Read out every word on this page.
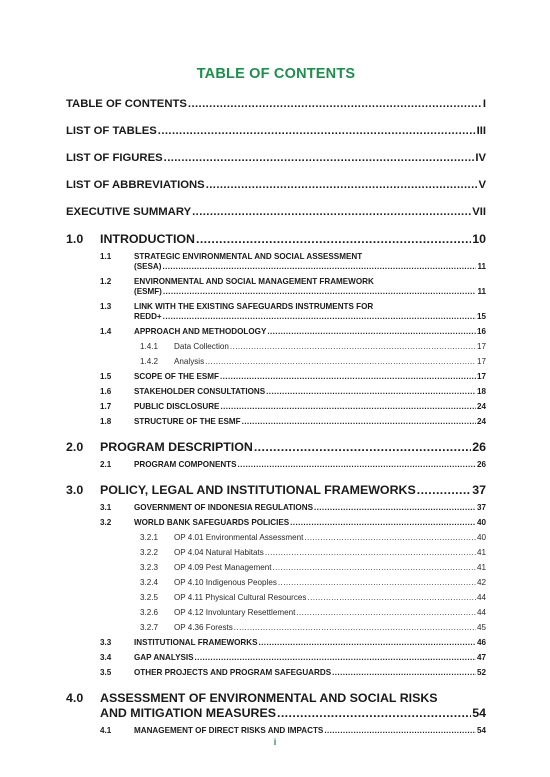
TABLE OF CONTENTS
TABLE OF CONTENTS .....	I
LIST OF TABLES .....	III
LIST OF FIGURES .....	IV
LIST OF ABBREVIATIONS .....	V
EXECUTIVE SUMMARY .....	VII
1.0	INTRODUCTION .....	10
1.1	STRATEGIC ENVIRONMENTAL AND SOCIAL ASSESSMENT
(SESA) .....	11
1.2	ENVIRONMENTAL AND SOCIAL MANAGEMENT FRAMEWORK
(ESMF) .....	11
1.3	LINK WITH THE EXISTING SAFEGUARDS INSTRUMENTS FOR
REDD+ .....	15
1.4	APPROACH AND METHODOLOGY .....	16
1.4.1	Data Collection .....	17
1.4.2	Analysis .....	17
1.5	SCOPE OF THE ESMF .....	17
1.6	STAKEHOLDER CONSULTATIONS .....	18
1.7	PUBLIC DISCLOSURE .....	24
1.8	STRUCTURE OF THE ESMF .....	24
2.0	PROGRAM DESCRIPTION .....	26
2.1	PROGRAM COMPONENTS .....	26
3.0	POLICY, LEGAL AND INSTITUTIONAL FRAMEWORKS .....	37
3.1	GOVERNMENT OF INDONESIA REGULATIONS .....	37
3.2	WORLD BANK SAFEGUARDS POLICIES .....	40
3.2.1	OP 4.01 Environmental Assessment .....	40
3.2.2	OP 4.04 Natural Habitats .....	41
3.2.3	OP 4.09 Pest Management .....	41
3.2.4	OP 4.10 Indigenous Peoples .....	42
3.2.5	OP 4.11 Physical Cultural Resources .....	44
3.2.6	OP 4.12 Involuntary Resettlement .....	44
3.2.7	OP 4.36 Forests .....	45
3.3	INSTITUTIONAL FRAMEWORKS .....	46
3.4	GAP ANALYSIS .....	47
3.5	OTHER PROJECTS AND PROGRAM SAFEGUARDS .....	52
4.0	ASSESSMENT OF ENVIRONMENTAL AND SOCIAL RISKS
AND MITIGATION MEASURES .....	54
4.1	MANAGEMENT OF DIRECT RISKS AND IMPACTS .....	54
i
